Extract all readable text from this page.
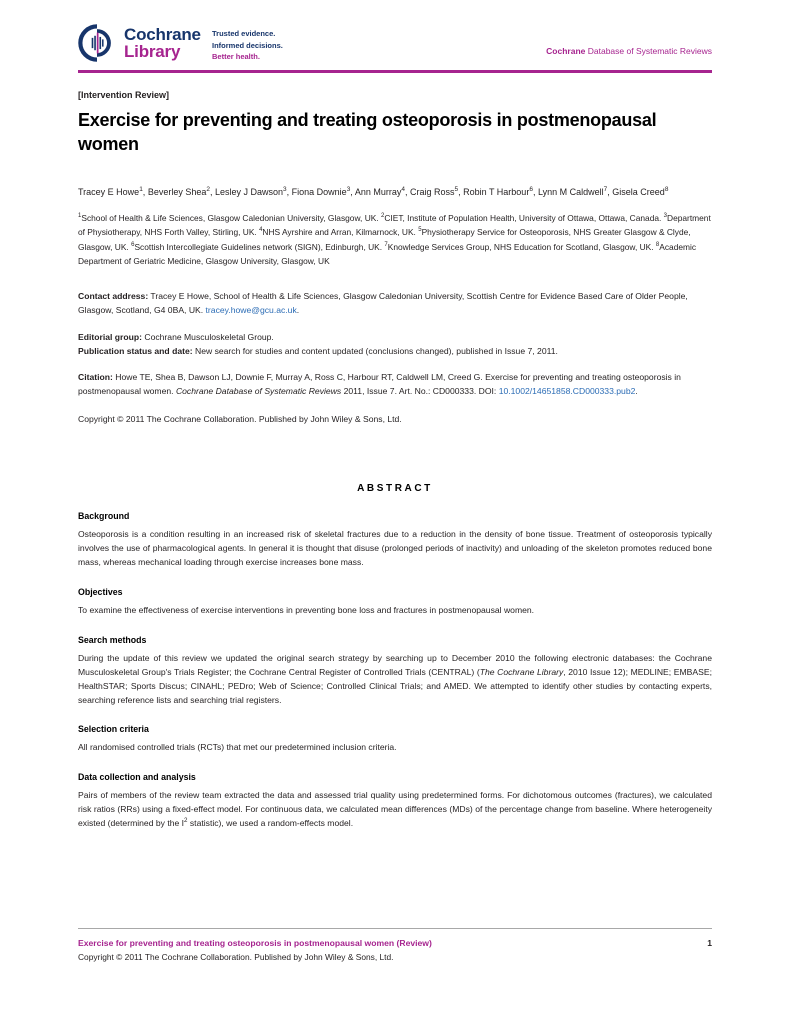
Cochrane
Library
Trusted evidence.
Informed decisions.
Better health.
Cochrane Database of Systematic Reviews
[Intervention Review]
Exercise for preventing and treating osteoporosis in postmenopausal women
Tracey E Howe$^1$, Beverley Shea$^2$, Lesley J Dawson$^3$, Fiona Downie$^3$, Ann Murray$^4$, Craig Ross$^5$, Robin T Harbour$^6$, Lynn M Caldwell$^7$, Gisela Creed$^8$
$^1$School of Health & Life Sciences, Glasgow Caledonian University, Glasgow, UK. $^2$CIET, Institute of Population Health, University of Ottawa, Ottawa, Canada. $^3$Department of Physiotherapy, NHS Forth Valley, Stirling, UK. $^4$NHS Ayrshire and Arran, Kilmarnock, UK. $^5$Physiotherapy Service for Osteoporosis, NHS Greater Glasgow & Clyde, Glasgow, UK. $^6$Scottish Intercollegiate Guidelines network (SIGN), Edinburgh, UK. $^7$Knowledge Services Group, NHS Education for Scotland, Glasgow, UK. $^8$Academic Department of Geriatric Medicine, Glasgow University, Glasgow, UK

Contact address: Tracey E Howe, School of Health & Life Sciences, Glasgow Caledonian University, Scottish Centre for Evidence Based Care of Older People, Glasgow, Scotland, G4 0BA, UK. tracey.howe@gcu.ac.uk.

Editorial group: Cochrane Musculoskeletal Group.

Publication status and date: New search for studies and content updated (conclusions changed), published in Issue 7, 2011.

Citation: Howe TE, Shea B, Dawson LJ, Downie F, Murray A, Ross C, Harbour RT, Caldwell LM, Creed G. Exercise for preventing and treating osteoporosis in postmenopausal women. Cochrane Database of Systematic Reviews 2011, Issue 7. Art. No.: CD000333. DOI: 10.1002/14651858.CD000333.pub2.

Copyright © 2011 The Cochrane Collaboration. Published by John Wiley & Sons, Ltd.
ABSTRACT
Background
Osteoporosis is a condition resulting in an increased risk of skeletal fractures due to a reduction in the density of bone tissue. Treatment of osteoporosis typically involves the use of pharmacological agents. In general it is thought that disuse (prolonged periods of inactivity) and unloading of the skeleton promotes reduced bone mass, whereas mechanical loading through exercise increases bone mass.
Objectives
To examine the effectiveness of exercise interventions in preventing bone loss and fractures in postmenopausal women.
Search methods
During the update of this review we updated the original search strategy by searching up to December 2010 the following electronic databases: the Cochrane Musculoskeletal Group's Trials Register; the Cochrane Central Register of Controlled Trials (CENTRAL) (The Cochrane Library, 2010 Issue 12); MEDLINE; EMBASE; HealthSTAR; Sports Discus; CINAHL; PEDro; Web of Science; Controlled Clinical Trials; and AMED. We attempted to identify other studies by contacting experts, searching reference lists and searching trial registers.
Selection criteria
All randomised controlled trials (RCTs) that met our predetermined inclusion criteria.
Data collection and analysis
Pairs of members of the review team extracted the data and assessed trial quality using predetermined forms. For dichotomous outcomes (fractures), we calculated risk ratios (RRs) using a fixed-effect model. For continuous data, we calculated mean differences (MDs) of the percentage change from baseline. Where heterogeneity existed (determined by the $I^2$ statistic), we used a random-effects model.
Exercise for preventing and treating osteoporosis in postmenopausal women (Review)	1
Copyright © 2011 The Cochrane Collaboration. Published by John Wiley & Sons, Ltd.
